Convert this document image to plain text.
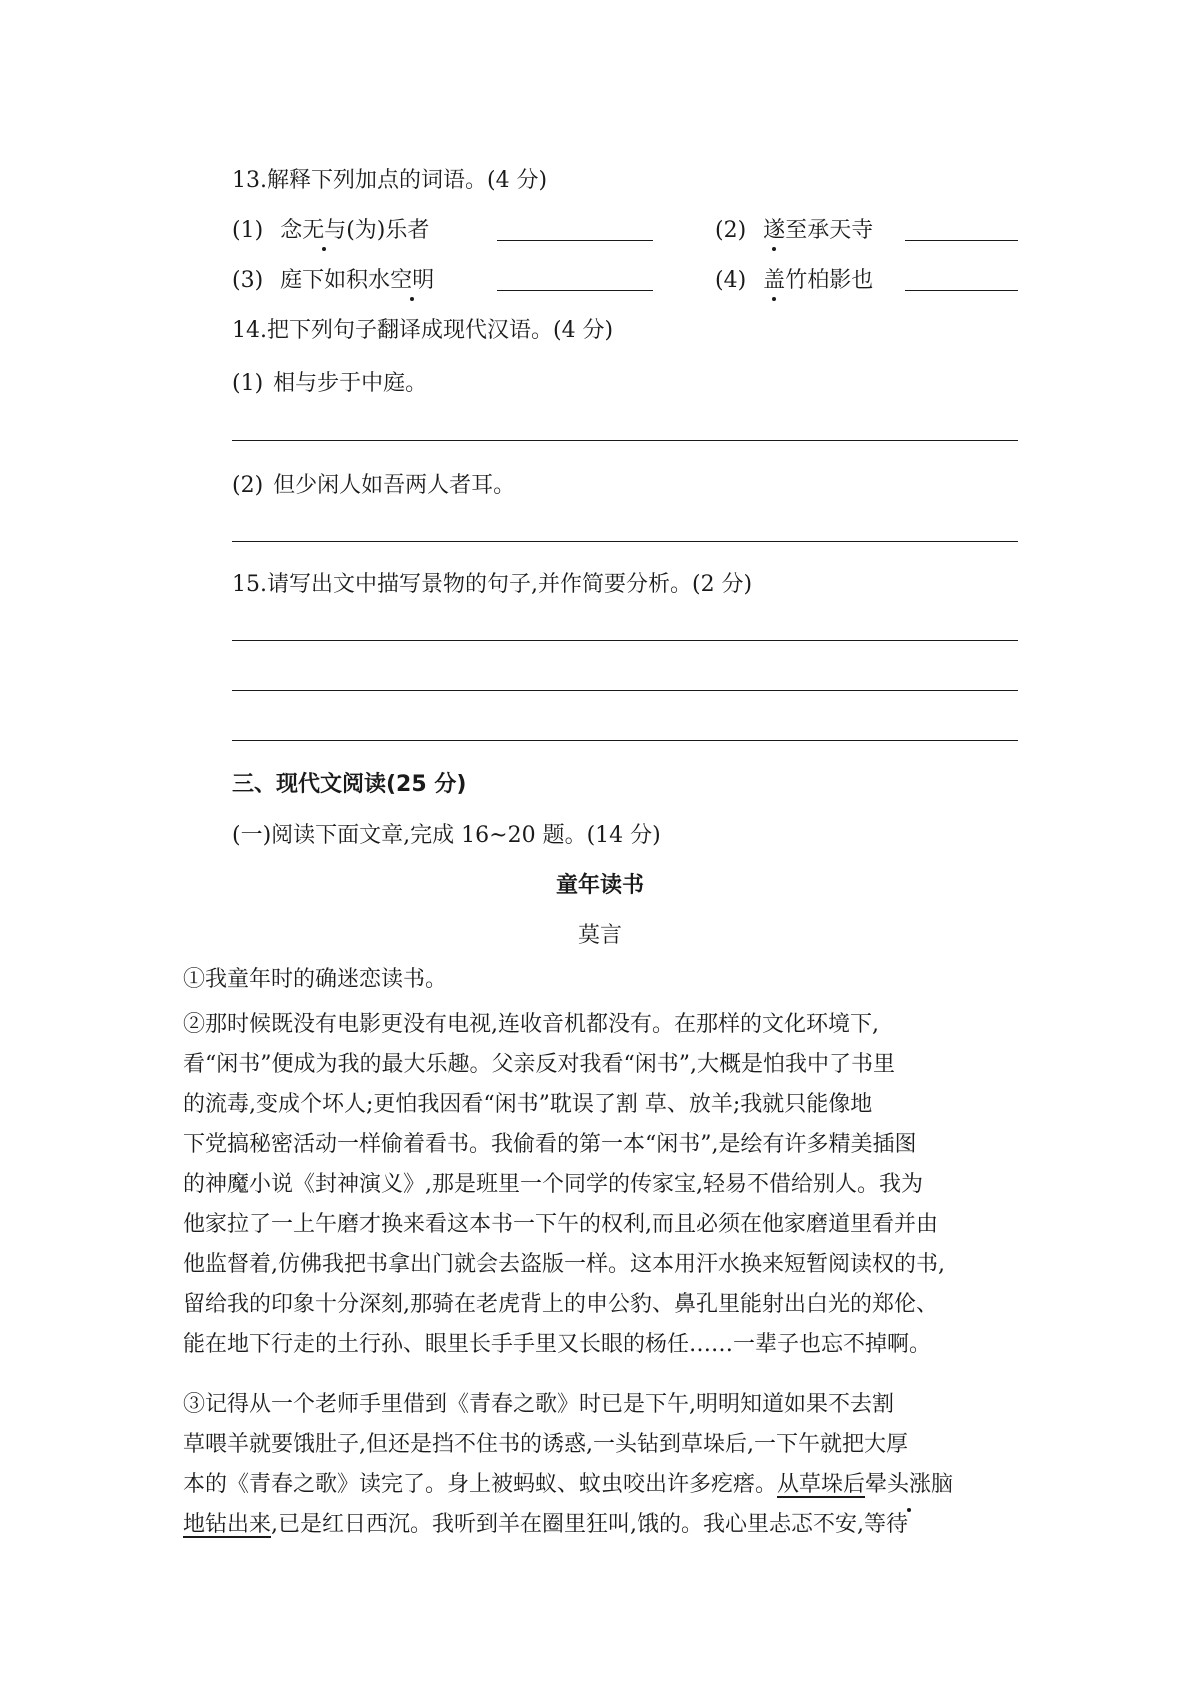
13.解释下列加点的词语。(4 分)
(1) 念无与(为)乐者	(2) 遂至承天寺
(3) 庭下如积水空明	(4) 盖竹柏影也
14.把下列句子翻译成现代汉语。(4 分)
(1) 相与步于中庭。
(2) 但少闲人如吾两人者耳。
15.请写出文中描写景物的句子,并作简要分析。(2 分)
三、现代文阅读(25 分)
(一)阅读下面文章,完成 16~20 题。(14 分)
童年读书
莫言
①我童年时的确迷恋读书。
②那时候既没有电影更没有电视,连收音机都没有。在那样的文化环境下,
看“闲书”便成为我的最大乐趣。父亲反对我看“闲书”,大概是怕我中了书里
的流毒,变成个坏人;更怕我因看“闲书”耽误了割 草、放羊;我就只能像地
下党搞秘密活动一样偷着看书。我偷看的第一本“闲书”,是绘有许多精美插图
的神魔小说《封神演义》,那是班里一个同学的传家宝,轻易不借给别人。我为
他家拉了一上午磨才换来看这本书一下午的权利,而且必须在他家磨道里看并由
他监督着,仿佛我把书拿出门就会去盗版一样。这本用汗水换来短暂阅读权的书,
留给我的印象十分深刻,那骑在老虎背上的申公豹、鼻孔里能射出白光的郑伦、
能在地下行走的土行孙、眼里长手手里又长眼的杨任……一辈子也忘不掉啊。
③记得从一个老师手里借到《青春之歌》时已是下午,明明知道如果不去割
草喂羊就要饿肚子,但还是挡不住书的诱惑,一头钻到草垛后,一下午就把大厚
本的《青春之歌》读完了。身上被蚂蚁、蚊虫咬出许多疙瘩。从草垛后晕头涨脑
地钻出来,已是红日西沉。我听到羊在圈里狂叫,饿的。我心里忐忑不安,等待
